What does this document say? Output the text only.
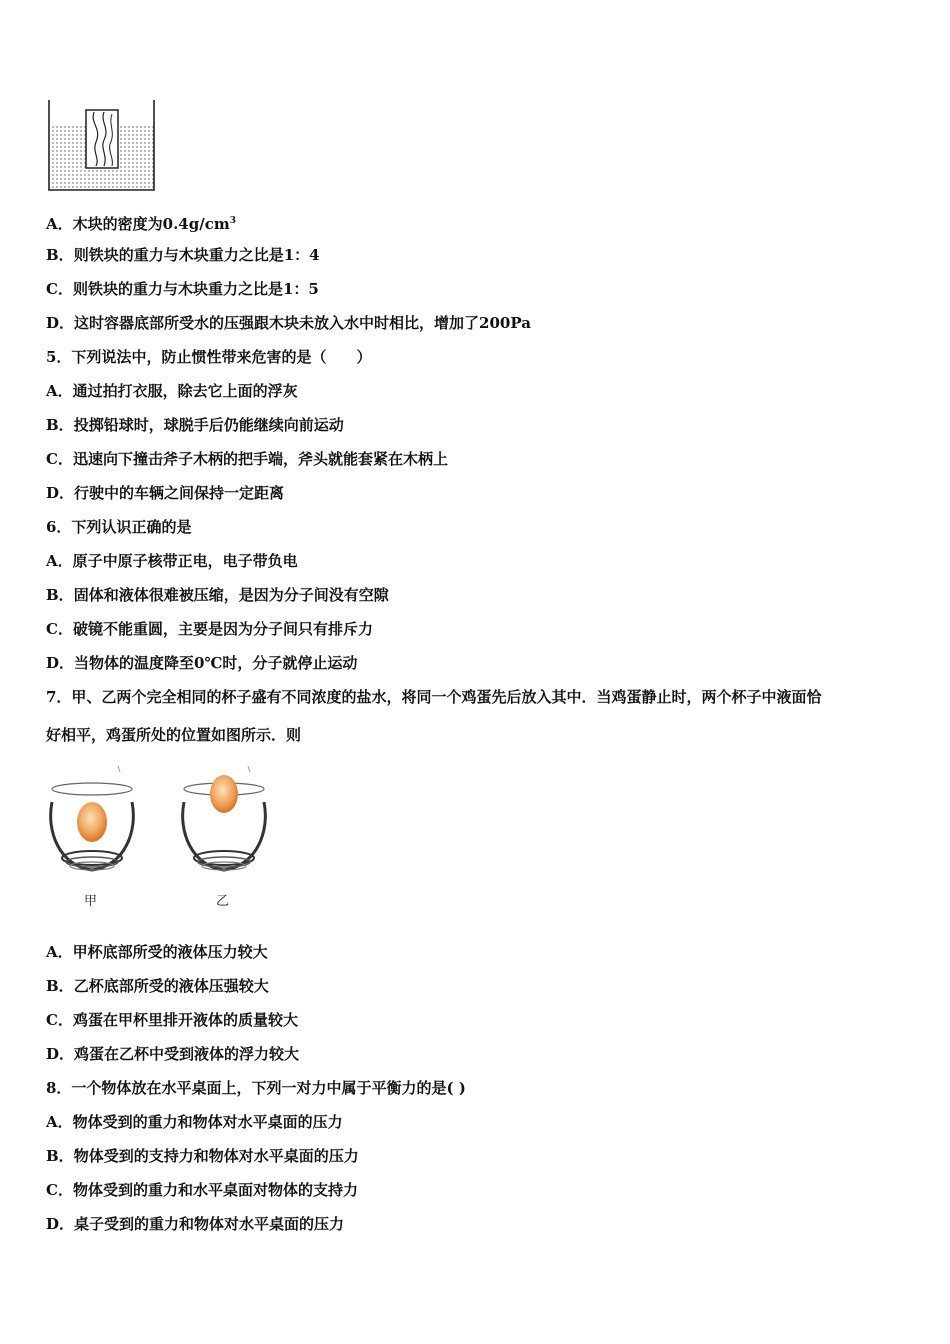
A．木块的密度为$0.4g/cm^3$
B．则铁块的重力与木块重力之比是1：4
C．则铁块的重力与木块重力之比是1：5
D．这时容器底部所受水的压强跟木块未放入水中时相比，增加了200Pa
5．下列说法中，防止惯性带来危害的是（　　）
A．通过拍打衣服，除去它上面的浮灰
B．投掷铅球时，球脱手后仍能继续向前运动
C．迅速向下撞击斧子木柄的把手端，斧头就能套紧在木柄上
D．行驶中的车辆之间保持一定距离
6．下列认识正确的是
A．原子中原子核带正电，电子带负电
B．固体和液体很难被压缩，是因为分子间没有空隙
C．破镜不能重圆，主要是因为分子间只有排斥力
D．当物体的温度降至0℃时，分子就停止运动
7．甲、乙两个完全相同的杯子盛有不同浓度的盐水，将同一个鸡蛋先后放入其中．当鸡蛋静止时，两个杯子中液面恰
好相平，鸡蛋所处的位置如图所示．则
甲	乙
A．甲杯底部所受的液体压力较大
B．乙杯底部所受的液体压强较大
C．鸡蛋在甲杯里排开液体的质量较大
D．鸡蛋在乙杯中受到液体的浮力较大
8．一个物体放在水平桌面上，下列一对力中属于平衡力的是( )
A．物体受到的重力和物体对水平桌面的压力
B．物体受到的支持力和物体对水平桌面的压力
C．物体受到的重力和水平桌面对物体的支持力
D．桌子受到的重力和物体对水平桌面的压力
